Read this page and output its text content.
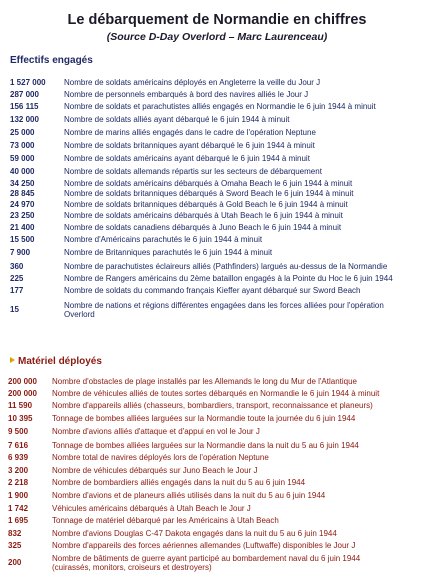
Le débarquement de Normandie en chiffres
(Source D-Day Overlord – Marc Laurenceau)
Effectifs engagés
1 527 000 Nombre de soldats américains déployés en Angleterre la veille du Jour J
287 000	Nombre de personnels embarqués à bord des navires alliés le Jour J
156 115	Nombre de soldats et parachutistes alliés engagés en Normandie le 6 juin 1944 à minuit
132 000	Nombre de soldats alliés ayant débarqué le 6 juin 1944 à minuit
25 000	Nombre de marins alliés engagés dans le cadre de l'opération Neptune
73 000	Nombre de soldats britanniques ayant débarqué le 6 juin 1944 à minuit
59 000	Nombre de soldats américains ayant débarqué le 6 juin 1944 à minuit
40 000	Nombre de soldats allemands répartis sur les secteurs de débarquement
34 250	Nombre de soldats américains débarqués à Omaha Beach le 6 juin 1944 à minuit
28 845	Nombre de soldats britanniques débarqués à Sword Beach le 6 juin 1944 à minuit
24 970	Nombre de soldats britanniques débarqués à Gold Beach le 6 juin 1944 à minuit
23 250	Nombre de soldats américains débarqués à Utah Beach le 6 juin 1944 à minuit
21 400	Nombre de soldats canadiens débarqués à Juno Beach le 6 juin 1944 à minuit
15 500	Nombre d'Américains parachutés le 6 juin 1944 à minuit
7 900	Nombre de Britanniques parachutés le 6 juin 1944 à minuit
360	Nombre de parachutistes éclaireurs alliés (Pathfinders) largués au-dessus de la Normandie
225	Nombre de Rangers américains du 2ème bataillon engagés à la Pointe du Hoc le 6 juin 1944
177	Nombre de soldats du commando français Kieffer ayant débarqué sur Sword Beach
15	Nombre de nations et régions différentes engagées dans les forces alliées pour l'opération Overlord
Matériel déployés
200 000 Nombre d'obstacles de plage installés par les Allemands le long du Mur de l'Atlantique
200 000 Nombre de véhicules alliés de toutes sortes débarqués en Normandie le 6 juin 1944 à minuit
11 590 Nombre d'appareils alliés (chasseurs, bombardiers, transport, reconnaissance et planeurs)
10 395 Tonnage de bombes alliées larguées sur la Normandie toute la journée du 6 juin 1944
9 500	Nombre d'avions alliés d'attaque et d'appui en vol le Jour J
7 616	Tonnage de bombes alliées larguées sur la Normandie dans la nuit du 5 au 6 juin 1944
6 939	Nombre total de navires déployés lors de l'opération Neptune
3 200	Nombre de véhicules débarqués sur Juno Beach le Jour J
2 218	Nombre de bombardiers alliés engagés dans la nuit du 5 au 6 juin 1944
1 900	Nombre d'avions et de planeurs alliés utilisés dans la nuit du 5 au 6 juin 1944
1 742	Véhicules américains débarqués à Utah Beach le Jour J
1 695	Tonnage de matériel débarqué par les Américains à Utah Beach
832	Nombre d'avions Douglas C-47 Dakota engagés dans la nuit du 5 au 6 juin 1944
325	Nombre d'appareils des forces aériennes allemandes (Luftwaffe) disponibles le Jour J
200	Nombre de bâtiments de guerre ayant participé au bombardement naval du 6 juin 1944 (cuirassés, monitors, croiseurs et destroyers)
